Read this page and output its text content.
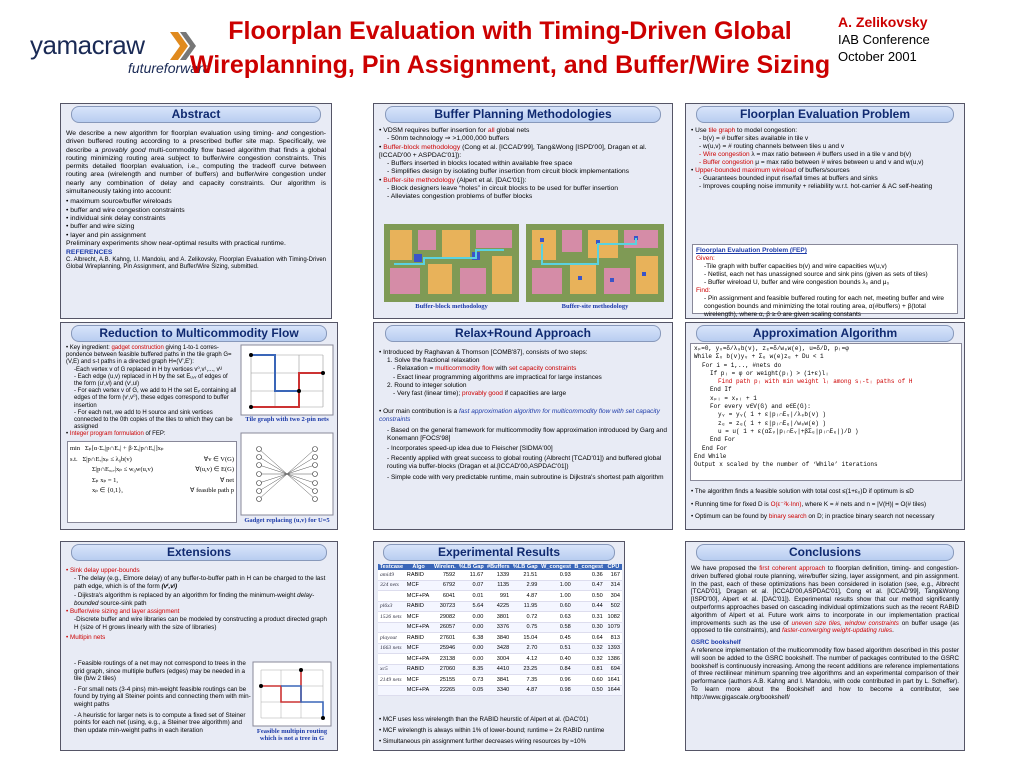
yamacraw
futureforward
Floorplan Evaluation with Timing-Driven Global
Wireplanning, Pin Assignment, and Buffer/Wire Sizing
A. Zelikovsky
IAB Conference
October 2001
Abstract
We describe a new algorithm for floorplan evaluation using timing- and congestion-driven buffered routing according to a prescribed buffer site map. Specifically, we describe a provably good multi-commodity flow based algorithm that finds a global routing minimizing routing area subject to buffer/wire congestion constraints. This permits detailed floorplan evaluation, i.e., computing the tradeoff curve between routing area (wirelength and number of buffers) and buffer/wire congestion under nearly any combination of delay and capacity constraints. Our algorithm is simultaneously taking into account:
• maximum source/buffer wireloads
• buffer and wire congestion constraints
• individual sink delay constraints
• buffer and wire sizing
• layer and pin assignment
Preliminary experiments show near-optimal results with practical runtime.
REFERENCES
C. Albrecht, A.B. Kahng, I.I. Mandoiu, and A. Zelikovsky, Floorplan Evaluation with Timing-Driven Global Wireplanning, Pin Assignment, and Buffer/Wire Sizing, submitted.
Buffer Planning Methodologies
• VDSM requires buffer insertion for all global nets
- 50nm technology ⇒ >1,000,000 buffers
• Buffer-block methodology (Cong et al. [ICCAD'99], Tang&Wong [ISPD'00], Dragan et al. [ICCAD'00 + ASPDAC'01]):
- Buffers inserted in blocks located within available free space
- Simplifies design by isolating buffer insertion from circuit block implementations
• Buffer-site methodology (Alpert et al. [DAC'01]):
- Block designers leave “holes” in circuit blocks to be used for buffer insertion
- Alleviates congestion problems of buffer blocks
Buffer-block methodology	Buffer-site methodology
Floorplan Evaluation Problem
• Use tile graph to model congestion:
- b(v) = # buffer sites available in tile v
- w(u,v) = # routing channels between tiles u and v
- Wire congestion λ = max ratio between # buffers used in a tile v and b(v)
- Buffer congestion μ = max ratio between # wires between u and v and w(u,v)
• Upper-bounded maximum wireload of buffers/sources
- Guarantees bounded input rise/fall times at buffers and sinks
- Improves coupling noise immunity + reliability w.r.t. hot-carrier & AC self-heating
Floorplan Evaluation Problem (FEP)
Given:
-Tile graph with buffer capacities b(v) and wire capacities w(u,v)
- Netlist, each net has unassigned source and sink pins (given as sets of tiles)
- Buffer wireload U, buffer and wire congestion bounds λ₀ and μ₀
Find:
- Pin assignment and feasible buffered routing for each net, meeting buffer and wire congestion bounds and minimizing the total routing area, α(#buffers) + β(total wirelength), where α, β ≥ 0 are given scaling constants
Reduction to Multicommodity Flow
• Key ingredient: gadget construction giving 1-to-1 corres-pondence between feasible buffered paths in the tile graph G=(V,E) and s-t paths in a directed graph H=(V',E'):
-Each vertex v of G replaced in H by vertices v⁰,v¹,..., vᵁ
- Each edge (u,v) replaced in H by the set Eᵤ,ᵥ of edges of the form (uⁱ,vʲ) and (vⁱ,uʲ)
- For each vertex v of G, we add to H the set Eᵥ containing all edges of the form (vⁱ,v⁰), these edges correspond to buffer insertion
- For each net, we add to H source and sink vertices connected to the 0th copies of the tiles to which they can be assigned
• Integer program formulation of FEP:
Tile graph with two 2-pin nets
min   Σₚ[α·Σᵥ|p∩Eᵥ| + β·Σₑ|p∩Eₑ|]xₚ
s.t.   Σ|p∩Eᵥ|xₚ ≤ λ₀b(v)	∀v ∈ V(G)
Σ|p∩Eᵤ,ᵥ|xₚ ≤ w₀w(u,v)	∀(u,v) ∈ E(G)
Σₚ xₚ = 1,	∀ net
xₚ ∈ {0,1},	∀ feasible path p
Gadget replacing (u,v) for U=5
Relax+Round Approach
• Introduced by Raghavan & Thomson [COMB'87], consists of two steps:
1. Solve the fractional relaxation
- Relaxation = multicommodity flow with set capacity constraints
- Exact linear programming algorithms are impractical for large instances
2. Round to integer solution
- Very fast (linear time); provably good if capacities are large
• Our main contribution is a fast approximation algorithm for multicommodity flow with set capacity constraints
- Based on the general framework for multicommodity flow approximation introduced by Garg and Konemann [FOCS'98]
- Incorporates speed-up idea due to Fleischer [SIDMA'00]
- Recently applied with great success to global routing (Albrecht [TCAD'01]) and buffered global routing via buffer-blocks (Dragan et al.[ICCAD'00,ASPDAC'01])
- Simple code with very predictable runtime, main subroutine is Dijkstra's shortest path algorithm
Approximation Algorithm
xₚ=0, yᵥ=δ/λ₀b(v), zₑ=δ/w₀w(e), u=δ/D, pᵢ=φ
While Σᵥ b(v)yᵥ + Σₑ w(e)zₑ + Du < 1
For i = 1,.., #nets do
If pᵢ = φ or weight(pᵢ) > (1+ε)lᵢ
Find path pᵢ with min weight lᵢ among sᵢ-tᵢ paths of H
End If
xₚᵢ = xₚᵢ + 1
For every v∈V(G) and e∈E(G):
yᵥ = yᵥ( 1 + ε|pᵢ∩Eᵥ|/λ₀b(v) )
zₑ = zₑ( 1 + ε|pᵢ∩Eₑ|/w₀w(e) )
u = u( 1 + ε(αΣᵥ|pᵢ∩Eᵥ|+βΣₑ|pᵢ∩Eₑ|)/D )
End For
End For
End While
Output x scaled by the number of ‘While’ iterations
• The algorithm finds a feasible solution with total cost ≤(1+ε₀)D if optimum is ≤D
• Running time for fixed D is O(ε⁻²k·lnn), where K = # nets and n = |V(H)| = O(# tiles)
• Optimum can be found by binary search on D; in practice binary search not necessary
Extensions
• Sink delay upper-bounds
- The delay (e.g., Elmore delay) of any buffer-to-buffer path in H can be charged to the last path edge, which is of the form (vⁱ,vʲ)
- Dijkstra's algorithm is replaced by an algorithm for finding the minimum-weight delay-bounded source-sink path
• Buffer/wire sizing and layer assignment
-Discrete buffer and wire libraries can be modeled by constructing a product directed graph H (size of H grows linearly with the size of libraries)
• Multipin nets
- Feasible routings of a net may not correspond to trees in the grid graph, since multiple buffers (edges) may be needed in a tile (b/w 2 tiles)
- For small nets (3-4 pins) min-weight feasible routings can be found by trying all Steiner points and connecting them with min-weight paths
- A heuristic for larger nets is to compute a fixed set of Steiner points for each net (using, e.g., a Steiner tree algorithm) and then update min-weight paths in each iteration	Feasible multipin routing which is not a tree in G
Experimental Results
Testcase	Algo	Wirelen.	%LB Gap	#Buffers	%LB Gap	W_congest	B_congest	CPU
ami49	RABID	7592	11.67	1339	21.51	0.93	0.36	167
324 nets	MCF	6792	0.07	1135	2.99	1.00	0.47	314
	MCF+PA	6041	0.01	991	4.87	1.00	0.50	304
pl6x3	RABID	30723	5.64	4225	11.95	0.60	0.44	502
1526 nets	MCF	29082	0.00	3801	0.72	0.63	0.31	1082
	MCF+PA	26057	0.00	3376	0.75	0.58	0.30	1079
playout	RABID	27601	6.38	3840	15.04	0.45	0.64	813
1663 nets	MCF	25946	0.00	3428	2.70	0.51	0.32	1393
	MCF+PA	23138	0.00	3004	4.12	0.40	0.32	1386
xc5	RABID	27060	8.35	4410	23.25	0.84	0.81	694
2149 nets	MCF	25155	0.73	3841	7.35	0.96	0.60	1641
	MCF+PA	22265	0.05	3340	4.87	0.98	0.50	1644
• MCF uses less wirelength than the RABID heurstic of Alpert et al. (DAC'01)
• MCF wirelength is always within 1% of lower-bound; runtime ≈ 2x RABID runtime
• Simultaneous pin assignment further decreases wiring resources by ≈10%
Conclusions
We have proposed the first coherent approach to floorplan definition, timing- and congestion-driven buffered global route planning, wire/buffer sizing, layer assignment, and pin assignment. In the past, each of these optimizations has been considered in isolation (see, e.g., Albrecht [TCAD'01], Dragan et al. [ICCAD'00,ASPDAC'01], Cong et al. [ICCAD'99], Tang&Wong [ISPD'00], Alpert et al. [DAC'01]). Experimental results show that our method significantly outperforms approaches based on cascading individual optimizations such as the recent RABID algorithm of Alpert et al. Future work aims to incorporate in our implementation practical improvements such as the use of uneven size tiles, window constraints on buffer usage (as opposed to tile constraints), and faster-converging weight-updating rules.
GSRC bookshelf
A reference implementation of the multicommodity flow based algorithm described in this poster will soon be added to the GSRC bookshelf. The number of packages contributed to the GSRC bookshelf is continuously increasing. Among the recent additions are reference implementations of three rectilinear minimum spanning tree algorithms and an experimental comparison of their performance (authors A.B. Kahng and I. Mandoiu, with code contributed in part by L. Scheffer). To learn more about the Bookshelf and how to become a contributor, see http://www.gigascale.org/bookshelf/
